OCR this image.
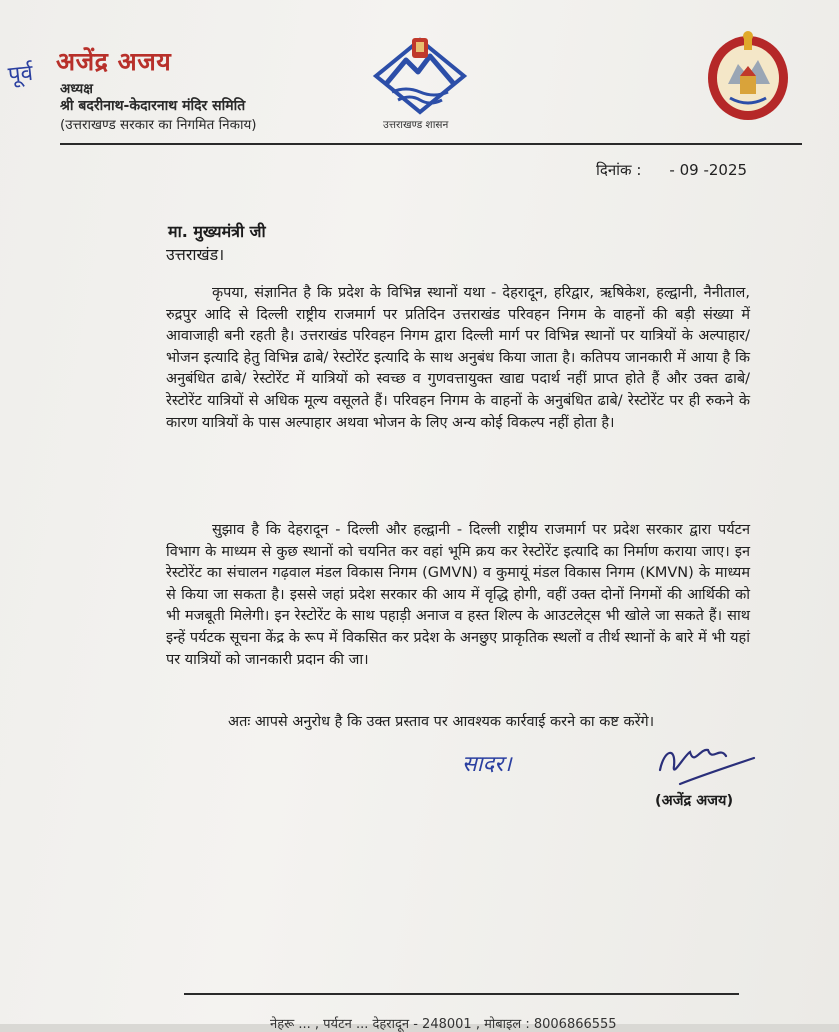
पूर्व अजेंद्र अजय
अध्यक्ष
श्री बदरीनाथ-केदारनाथ मंदिर समिति
(उत्तराखण्ड सरकार का निगमित निकाय)	उत्तराखण्ड शासन
दिनांक : - 09 -2025
मा. मुख्यमंत्री जी
उत्तराखंड।
कृपया, संज्ञानित है कि प्रदेश के विभिन्न स्थानों यथा - देहरादून, हरिद्वार, ऋषिकेश, हल्द्वानी, नैनीताल, रुद्रपुर आदि से दिल्ली राष्ट्रीय राजमार्ग पर प्रतिदिन उत्तराखंड परिवहन निगम के वाहनों की बड़ी संख्या में आवाजाही बनी रहती है। उत्तराखंड परिवहन निगम द्वारा दिल्ली मार्ग पर विभिन्न स्थानों पर यात्रियों के अल्पाहार/ भोजन इत्यादि हेतु विभिन्न ढाबे/ रेस्टोरेंट इत्यादि के साथ अनुबंध किया जाता है। कतिपय जानकारी में आया है कि अनुबंधित ढाबे/ रेस्टोरेंट में यात्रियों को स्वच्छ व गुणवत्तायुक्त खाद्य पदार्थ नहीं प्राप्त होते हैं और उक्त ढाबे/ रेस्टोरेंट यात्रियों से अधिक मूल्य वसूलते हैं। परिवहन निगम के वाहनों के अनुबंधित ढाबे/ रेस्टोरेंट पर ही रुकने के कारण यात्रियों के पास अल्पाहार अथवा भोजन के लिए अन्य कोई विकल्प नहीं होता है।
सुझाव है कि देहरादून - दिल्ली और हल्द्वानी - दिल्ली राष्ट्रीय राजमार्ग पर प्रदेश सरकार द्वारा पर्यटन विभाग के माध्यम से कुछ स्थानों को चयनित कर वहां भूमि क्रय कर रेस्टोरेंट इत्यादि का निर्माण कराया जाए। इन रेस्टोरेंट का संचालन गढ़वाल मंडल विकास निगम (GMVN) व कुमायूं मंडल विकास निगम (KMVN) के माध्यम से किया जा सकता है। इससे जहां प्रदेश सरकार की आय में वृद्धि होगी, वहीं उक्त दोनों निगमों की आर्थिकी को भी मजबूती मिलेगी। इन रेस्टोरेंट के साथ पहाड़ी अनाज व हस्त शिल्प के आउटलेट्स भी खोले जा सकते हैं। साथ इन्हें पर्यटक सूचना केंद्र के रूप में विकसित कर प्रदेश के अनछुए प्राकृतिक स्थलों व तीर्थ स्थानों के बारे में भी यहां पर यात्रियों को जानकारी प्रदान की जा।
अतः आपसे अनुरोध है कि उक्त प्रस्ताव पर आवश्यक कार्रवाई करने का कष्ट करेंगे।
सादर।
(अजेंद्र अजय)
नेहरू ... , पर्यटन ... देहरादून - 248001 , मोबाइल : 8006866555
